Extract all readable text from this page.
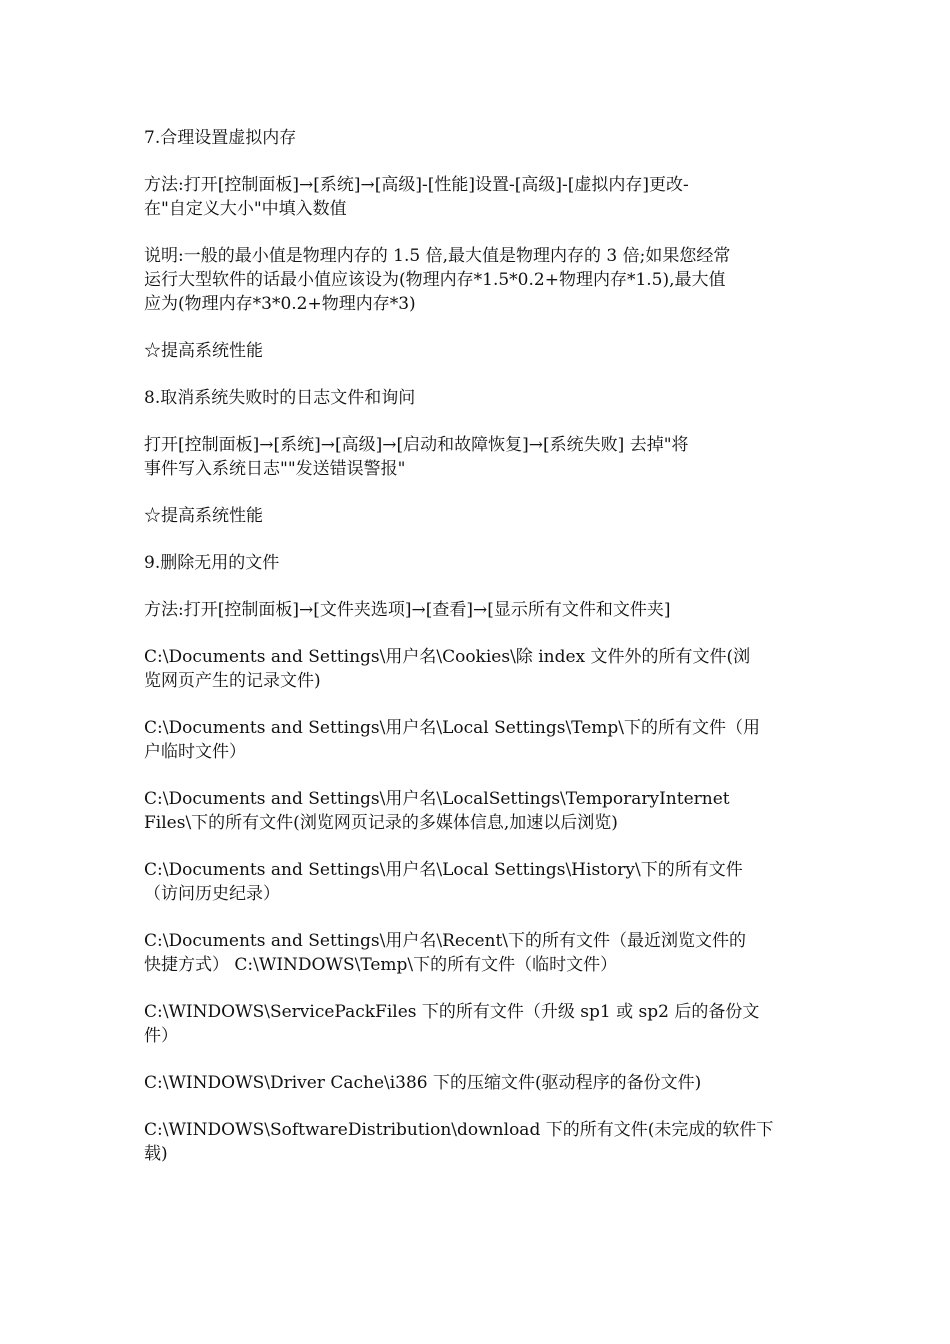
7.合理设置虚拟内存

方法:打开[控制面板]→[系统]→[高级]-[性能]设置-[高级]-[虚拟内存]更改-
在"自定义大小"中填入数值

说明:一般的最小值是物理内存的 1.5 倍,最大值是物理内存的 3 倍;如果您经常
运行大型软件的话最小值应该设为(物理内存*1.5*0.2+物理内存*1.5),最大值
应为(物理内存*3*0.2+物理内存*3)

☆提高系统性能

8.取消系统失败时的日志文件和询问

打开[控制面板]→[系统]→[高级]→[启动和故障恢复]→[系统失败] 去掉"将
事件写入系统日志""发送错误警报"

☆提高系统性能

9.删除无用的文件

方法:打开[控制面板]→[文件夹选项]→[查看]→[显示所有文件和文件夹]

C:\Documents and Settings\用户名\Cookies\除 index 文件外的所有文件(浏
览网页产生的记录文件)

C:\Documents and Settings\用户名\Local Settings\Temp\下的所有文件（用
户临时文件）

C:\Documents and Settings\用户名\LocalSettings\TemporaryInternet
Files\下的所有文件(浏览网页记录的多媒体信息,加速以后浏览)

C:\Documents and Settings\用户名\Local Settings\History\下的所有文件
（访问历史纪录）

C:\Documents and Settings\用户名\Recent\下的所有文件（最近浏览文件的
快捷方式） C:\WINDOWS\Temp\下的所有文件（临时文件）

C:\WINDOWS\ServicePackFiles 下的所有文件（升级 sp1 或 sp2 后的备份文
件）

C:\WINDOWS\Driver Cache\i386 下的压缩文件(驱动程序的备份文件)

C:\WINDOWS\SoftwareDistribution\download 下的所有文件(未完成的软件下
载)
